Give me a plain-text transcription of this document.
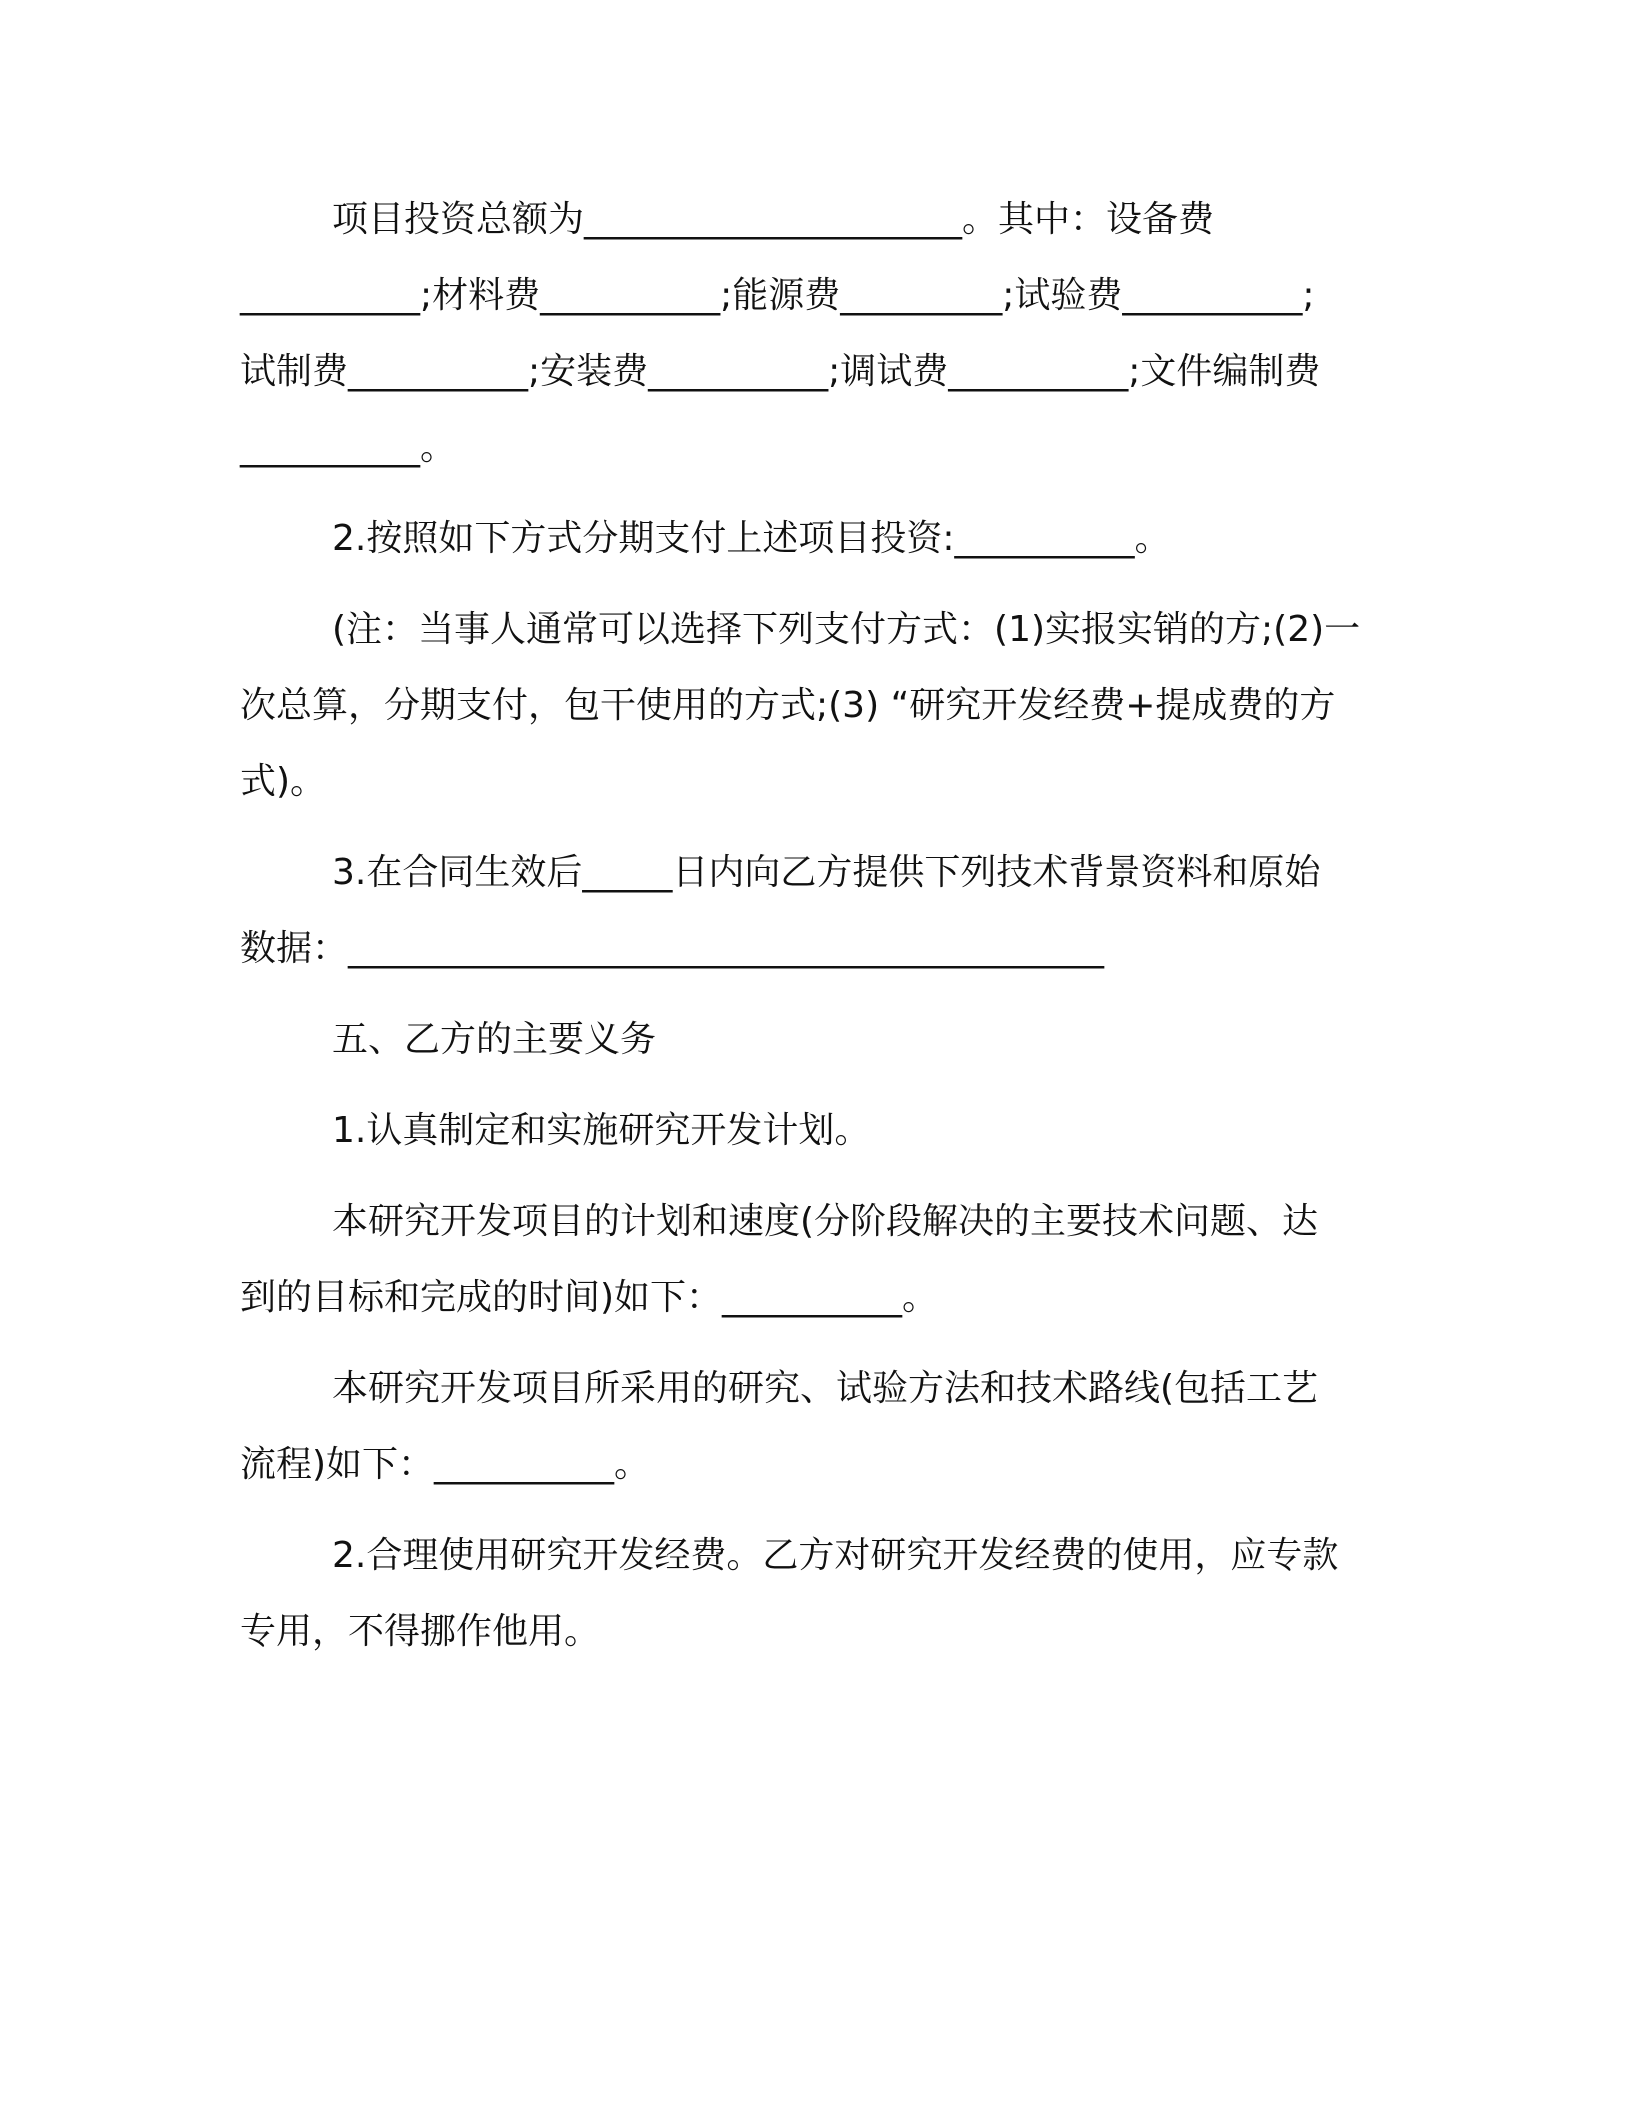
项目投资总额为_____________________。其中：设备费
__________;材料费__________;能源费_________;试验费__________;
试制费__________;安装费__________;调试费__________;文件编制费
__________。

2.按照如下方式分期支付上述项目投资:__________。

(注：当事人通常可以选择下列支付方式：(1)实报实销的方;(2)一
次总算，分期支付，包干使用的方式;(3) “研究开发经费+提成费的方
式)。

3.在合同生效后_____日内向乙方提供下列技术背景资料和原始
数据：__________________________________________

五、乙方的主要义务

1.认真制定和实施研究开发计划。

本研究开发项目的计划和速度(分阶段解决的主要技术问题、达
到的目标和完成的时间)如下：__________。

本研究开发项目所采用的研究、试验方法和技术路线(包括工艺
流程)如下：__________。

2.合理使用研究开发经费。乙方对研究开发经费的使用，应专款
专用，不得挪作他用。
